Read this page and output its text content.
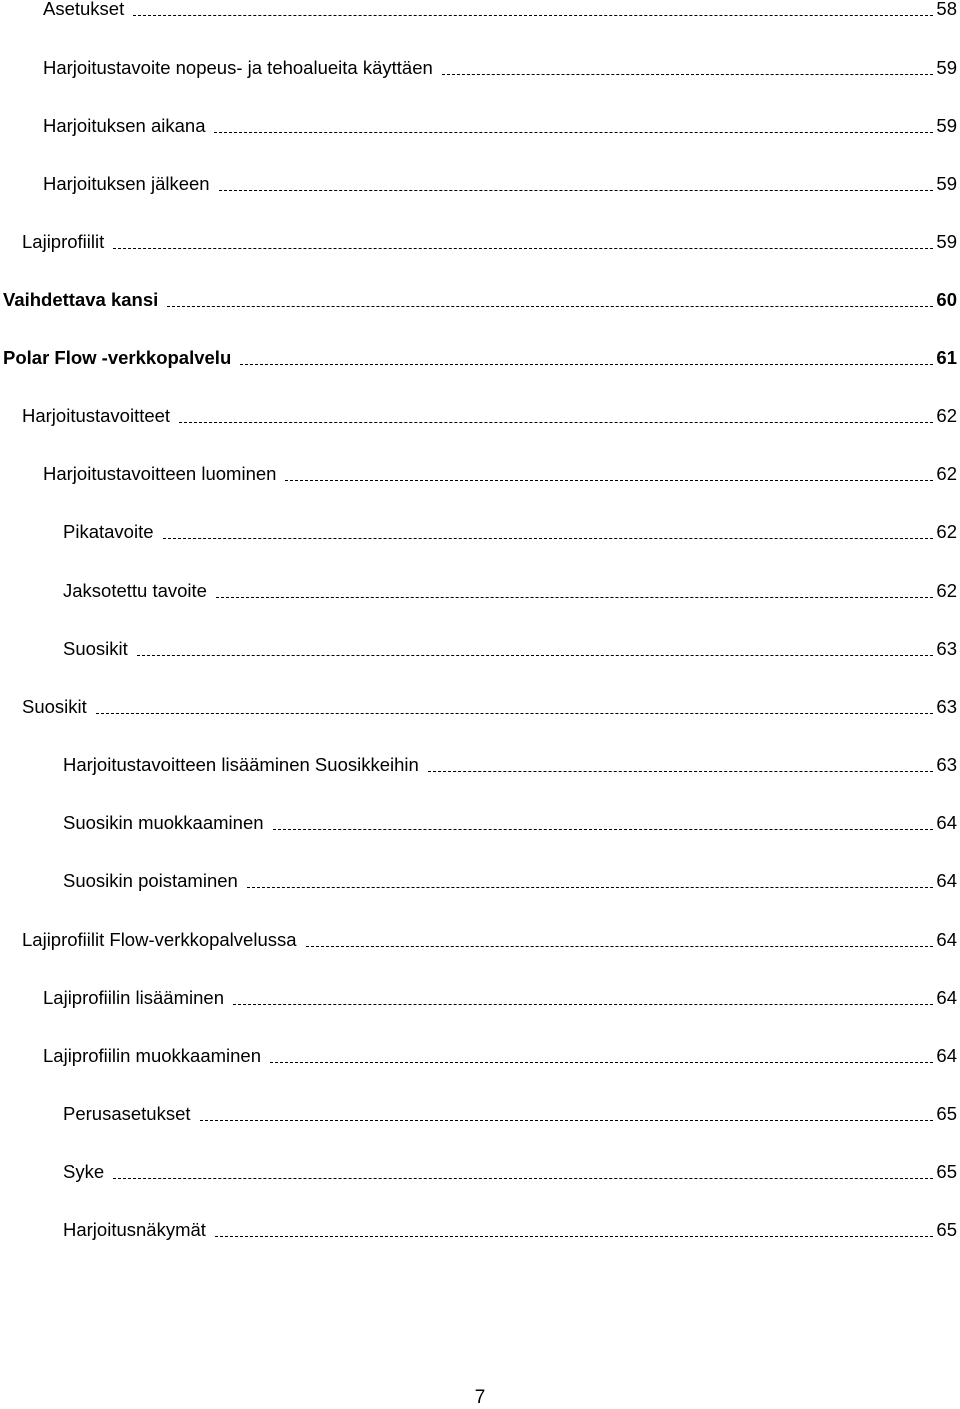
Asetukset	58
Harjoitustavoite nopeus- ja tehoalueita käyttäen	59
Harjoituksen aikana	59
Harjoituksen jälkeen	59
Lajiprofiilit	59
Vaihdettava kansi	60
Polar Flow -verkkopalvelu	61
Harjoitustavoitteet	62
Harjoitustavoitteen luominen	62
Pikatavoite	62
Jaksotettu tavoite	62
Suosikit	63
Suosikit	63
Harjoitustavoitteen lisääminen Suosikkeihin	63
Suosikin muokkaaminen	64
Suosikin poistaminen	64
Lajiprofiilit Flow-verkkopalvelussa	64
Lajiprofiilin lisääminen	64
Lajiprofiilin muokkaaminen	64
Perusasetukset	65
Syke	65
Harjoitusnäkymät	65
7
